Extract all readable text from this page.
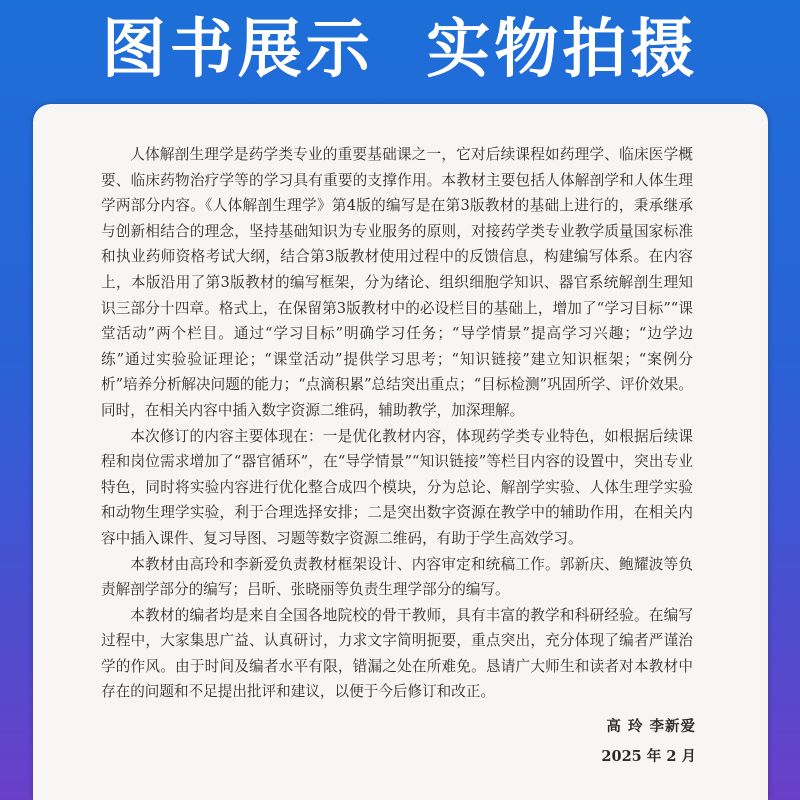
图书展示  实物拍摄

人体解剖生理学是药学类专业的重要基础课之一，它对后续课程如药理学、临床医学概要、临床药物治疗学等的学习具有重要的支撑作用。本教材主要包括人体解剖学和人体生理学两部分内容。《人体解剖生理学》第4版的编写是在第3版教材的基础上进行的，秉承继承与创新相结合的理念，坚持基础知识为专业服务的原则，对接药学类专业教学质量国家标准和执业药师资格考试大纲，结合第3版教材使用过程中的反馈信息，构建编写体系。在内容上，本版沿用了第3版教材的编写框架，分为绪论、组织细胞学知识、器官系统解剖生理知识三部分十四章。格式上，在保留第3版教材中的必设栏目的基础上，增加了“学习目标”“课堂活动”两个栏目。通过“学习目标”明确学习任务；“导学情景”提高学习兴趣；“边学边练”通过实验验证理论；“课堂活动”提供学习思考；“知识链接”建立知识框架；“案例分析”培养分析解决问题的能力；“点滴积累”总结突出重点；“目标检测”巩固所学、评价效果。同时，在相关内容中插入数字资源二维码，辅助教学，加深理解。

本次修订的内容主要体现在：一是优化教材内容，体现药学类专业特色，如根据后续课程和岗位需求增加了“器官循环”，在“导学情景”“知识链接”等栏目内容的设置中，突出专业特色，同时将实验内容进行优化整合成四个模块，分为总论、解剖学实验、人体生理学实验和动物生理学实验，利于合理选择安排；二是突出数字资源在教学中的辅助作用，在相关内容中插入课件、复习导图、习题等数字资源二维码，有助于学生高效学习。

本教材由高玲和李新爱负责教材框架设计、内容审定和统稿工作。郭新庆、鲍耀波等负责解剖学部分的编写；吕昕、张晓丽等负责生理学部分的编写。

本教材的编者均是来自全国各地院校的骨干教师，具有丰富的教学和科研经验。在编写过程中，大家集思广益、认真研讨，力求文字简明扼要，重点突出，充分体现了编者严谨治学的作风。由于时间及编者水平有限，错漏之处在所难免。恳请广大师生和读者对本教材中存在的问题和不足提出批评和建议，以便于今后修订和改正。

高 玲 李新爱
2025 年 2 月
